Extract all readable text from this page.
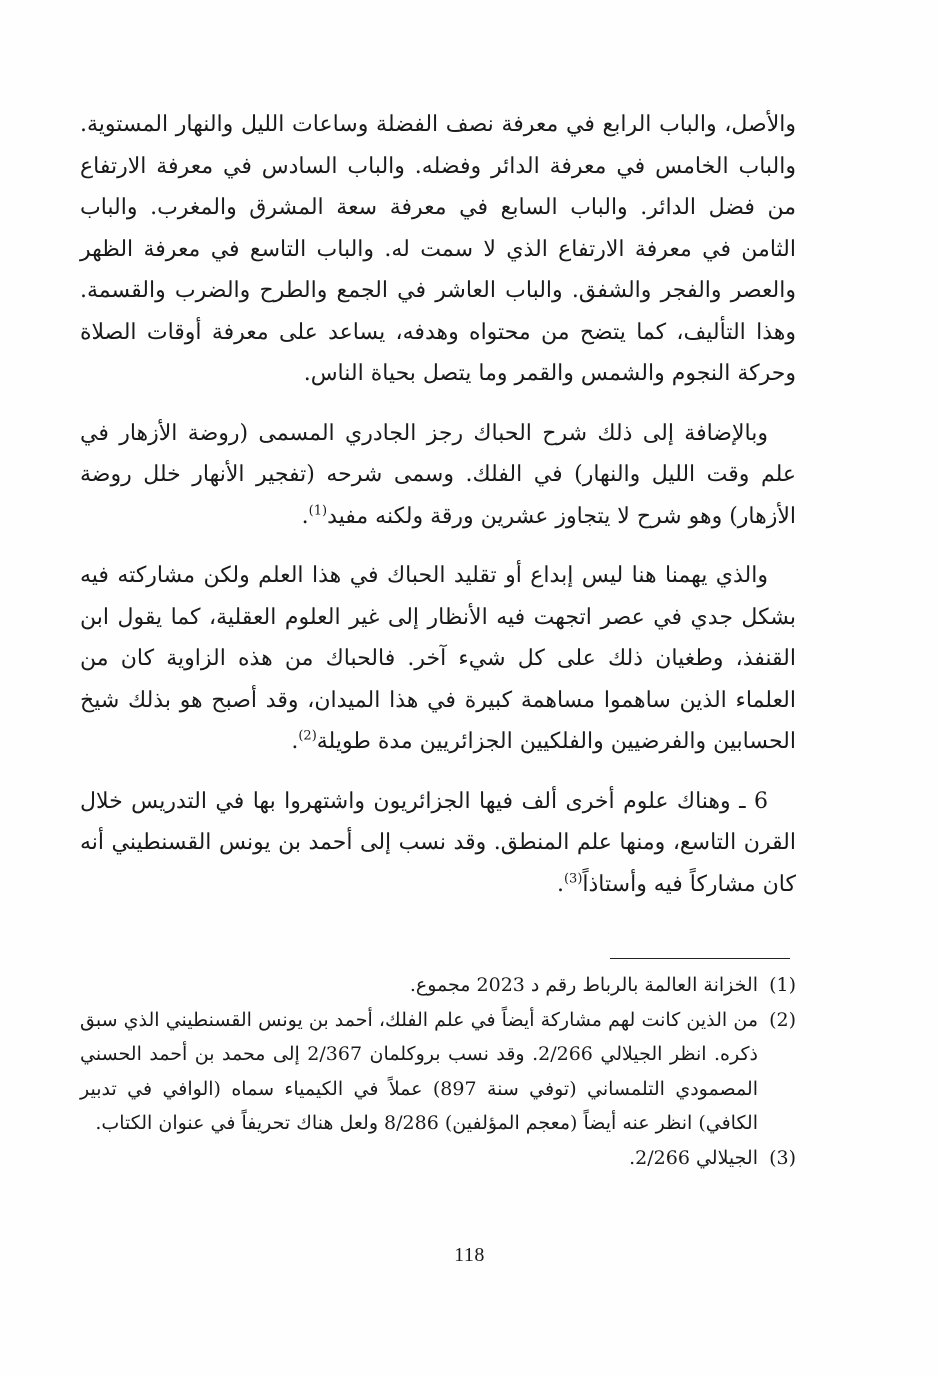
والأصل، والباب الرابع في معرفة نصف الفضلة وساعات الليل والنهار المستوية. والباب الخامس في معرفة الدائر وفضله. والباب السادس في معرفة الارتفاع من فضل الدائر. والباب السابع في معرفة سعة المشرق والمغرب. والباب الثامن في معرفة الارتفاع الذي لا سمت له. والباب التاسع في معرفة الظهر والعصر والفجر والشفق. والباب العاشر في الجمع والطرح والضرب والقسمة. وهذا التأليف، كما يتضح من محتواه وهدفه، يساعد على معرفة أوقات الصلاة وحركة النجوم والشمس والقمر وما يتصل بحياة الناس.

وبالإضافة إلى ذلك شرح الحباك رجز الجادري المسمى (روضة الأزهار في علم وقت الليل والنهار) في الفلك. وسمى شرحه (تفجير الأنهار خلل روضة الأزهار) وهو شرح لا يتجاوز عشرين ورقة ولكنه مفيد$^{(1)}$.

والذي يهمنا هنا ليس إبداع أو تقليد الحباك في هذا العلم ولكن مشاركته فيه بشكل جدي في عصر اتجهت فيه الأنظار إلى غير العلوم العقلية، كما يقول ابن القنفذ، وطغيان ذلك على كل شيء آخر. فالحباك من هذه الزاوية كان من العلماء الذين ساهموا مساهمة كبيرة في هذا الميدان، وقد أصبح هو بذلك شيخ الحسابين والفرضيين والفلكيين الجزائريين مدة طويلة$^{(2)}$.

6 ـ وهناك علوم أخرى ألف فيها الجزائريون واشتهروا بها في التدريس خلال القرن التاسع، ومنها علم المنطق. وقد نسب إلى أحمد بن يونس القسنطيني أنه كان مشاركاً فيه وأستاذاً$^{(3)}$.

(1)
الخزانة العالمة بالرباط رقم د 2023 مجموع.
(2)
من الذين كانت لهم مشاركة أيضاً في علم الفلك، أحمد بن يونس القسنطيني الذي سبق ذكره. انظر الجيلالي 2/266. وقد نسب بروكلمان 2/367 إلى محمد بن أحمد الحسني المصمودي التلمساني (توفي سنة 897) عملاً في الكيمياء سماه (الوافي في تدبير الكافي) انظر عنه أيضاً (معجم المؤلفين) 8/286 ولعل هناك تحريفاً في عنوان الكتاب.
(3)
الجيلالي 2/266.
118
